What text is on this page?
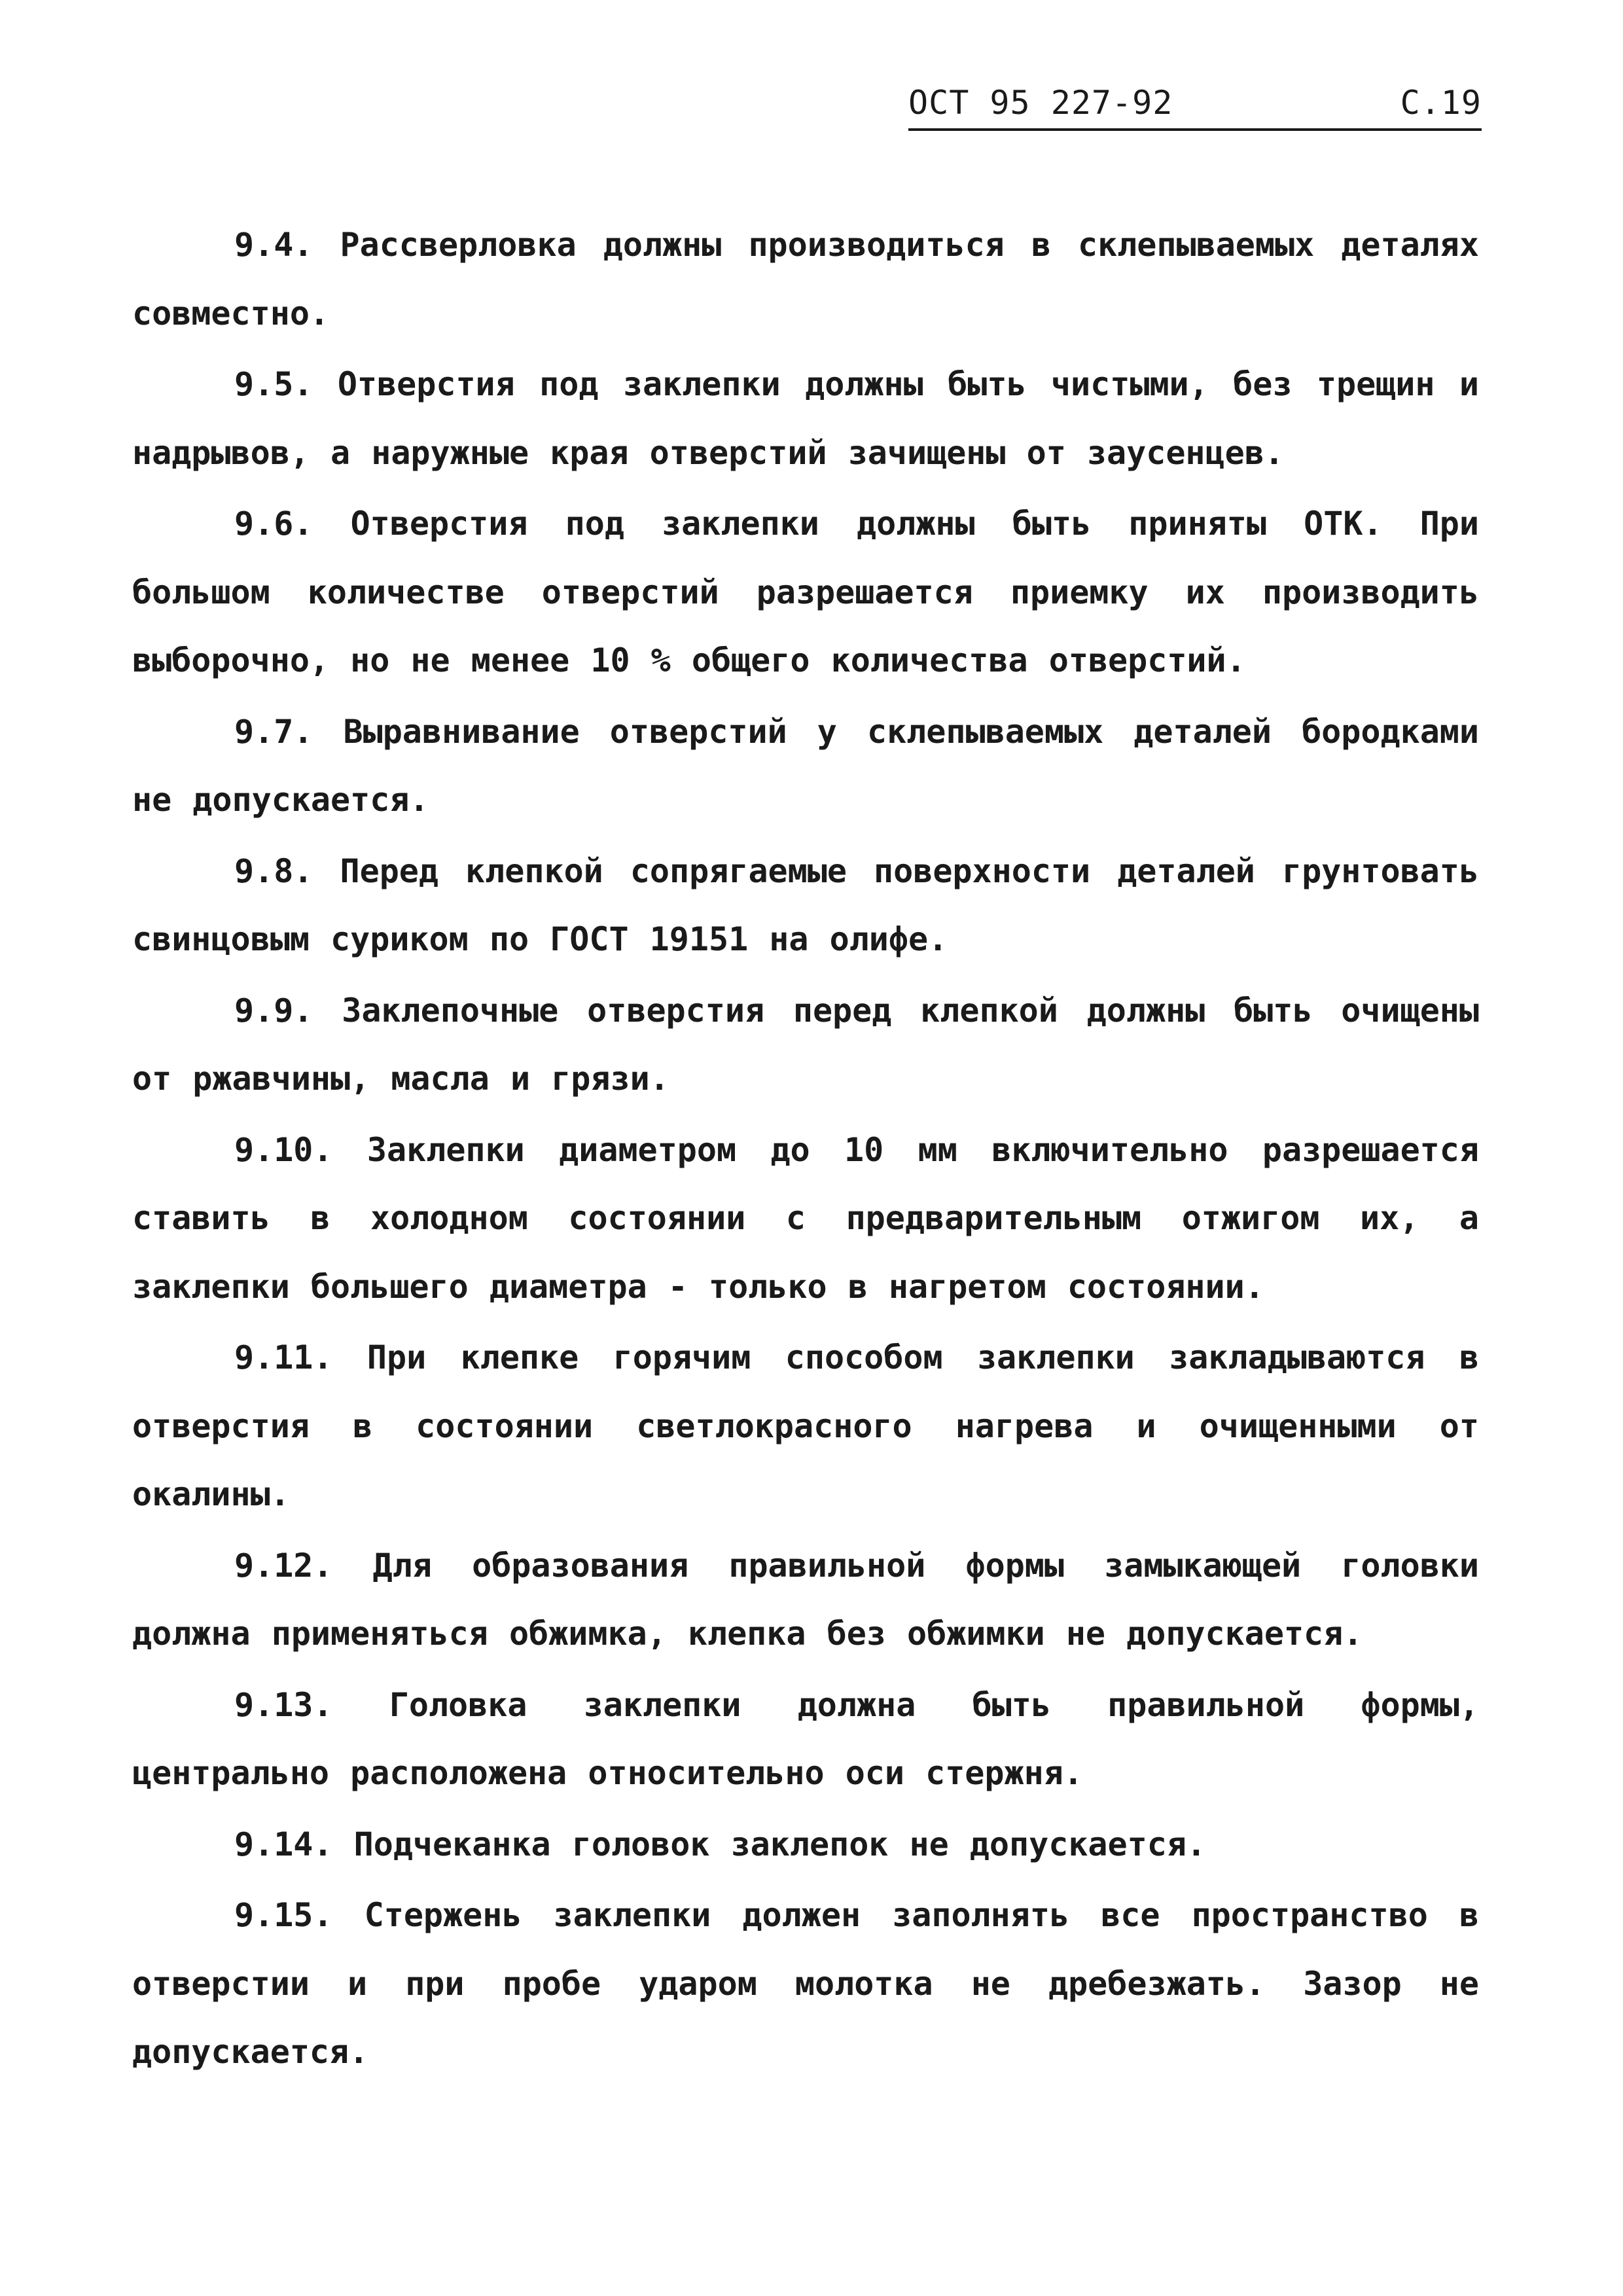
ОСТ 95 227-92	С.19

9.4. Рассверловка должны производиться в склепываемых деталях совместно.

9.5. Отверстия под заклепки должны быть чистыми, без трещин и надрывов, а наружные края отверстий зачищены от заусенцев.

9.6. Отверстия под заклепки должны быть приняты ОТК. При большом количестве отверстий разрешается приемку их производить выборочно, но не менее 10 % общего количества отверстий.

9.7. Выравнивание отверстий у склепываемых деталей бородками не допускается.

9.8. Перед клепкой сопрягаемые поверхности деталей грунтовать свинцовым суриком по ГОСТ 19151 на олифе.

9.9. Заклепочные отверстия перед клепкой должны быть очищены от ржавчины, масла и грязи.

9.10. Заклепки диаметром до 10 мм включительно разрешается ставить в холодном состоянии с предварительным отжигом их, а заклепки большего диаметра - только в нагретом состоянии.

9.11. При клепке горячим способом заклепки закладываются в отверстия в состоянии светлокрасного нагрева и очищенными от окалины.

9.12. Для образования правильной формы замыкающей головки должна применяться обжимка, клепка без обжимки не допускается.

9.13. Головка заклепки должна быть правильной формы, центрально расположена относительно оси стержня.

9.14. Подчеканка головок заклепок не допускается.

9.15. Стержень заклепки должен заполнять все пространство в отверстии и при пробе ударом молотка не дребезжать. Зазор не допускается.
